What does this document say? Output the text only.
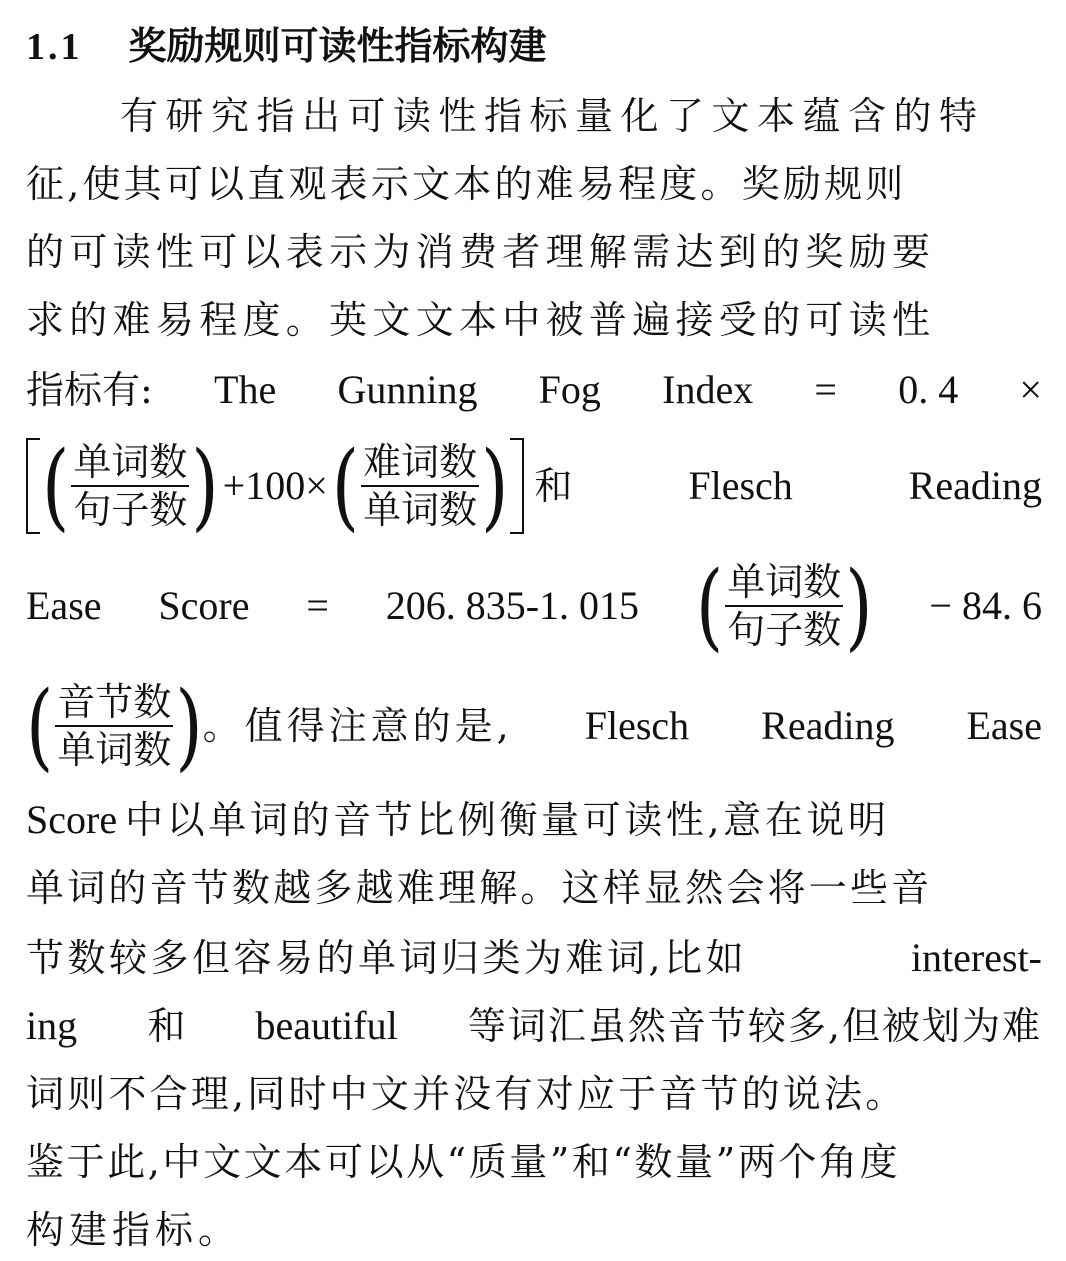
1.1 奖励规则可读性指标构建
有研究指出可读性指标量化了文本蕴含的特
征,使其可以直观表示文本的难易程度。奖励规则
的可读性可以表示为消费者理解需达到的奖励要
求的难易程度。英文文本中被普遍接受的可读性
指标有: The Gunning Fog Index = 0. 4 ×
( $\frac{\text{单词数}}{\text{句子数}}$ ) +100× ( $\frac{\text{难词数}}{\text{单词数}}$ ) 和	Flesch	Reading
Ease Score = 206. 835-1. 015 ( $\frac{\text{单词数}}{\text{句子数}}$ ) − 84. 6
( $\frac{\text{音节数}}{\text{单词数}}$ ) 。值得注意的是, Flesch Reading Ease
Score 中以单词的音节比例衡量可读性,意在说明
单词的音节数越多越难理解。这样显然会将一些音
节数较多但容易的单词归类为难词,比如	interest-
ing 和 beautiful 等词汇虽然音节较多,但被划为难
词则不合理,同时中文并没有对应于音节的说法。
鉴于此,中文文本可以从“质量”和“数量”两个角度
构建指标。
